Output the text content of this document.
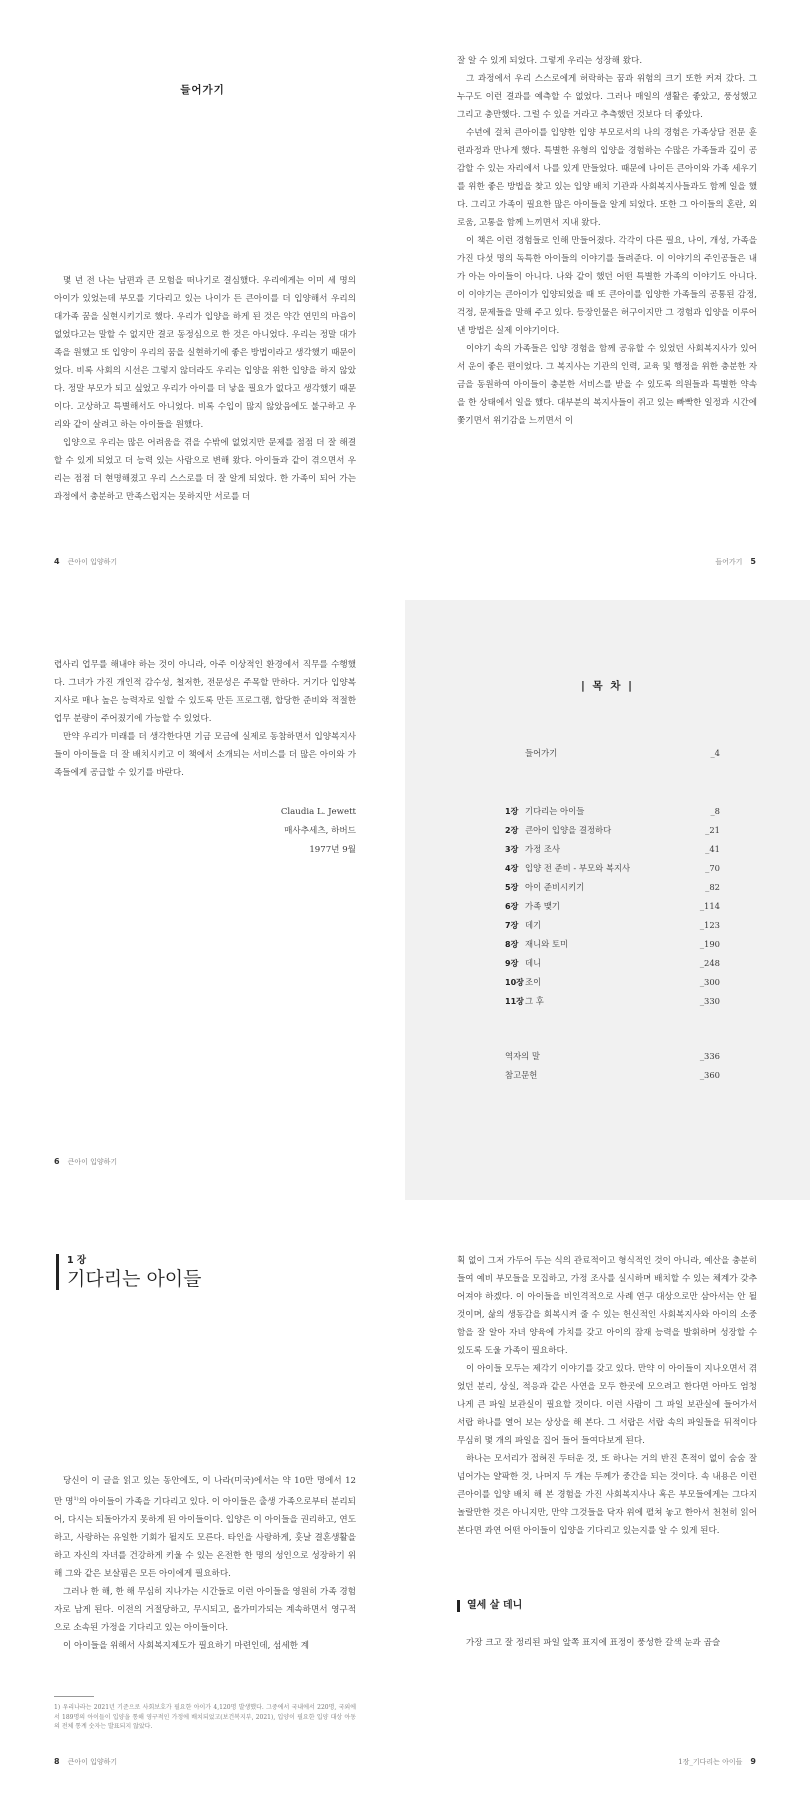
들어가기

몇 년 전 나는 남편과 큰 모험을 떠나기로 결심했다. 우리에게는 이미 세 명의 아이가 있었는데 부모를 기다리고 있는 나이가 든 큰아이를 더 입양해서 우리의 대가족 꿈을 실현시키기로 했다. 우리가 입양을 하게 된 것은 약간 연민의 마음이 없었다고는 말할 수 없지만 결코 동정심으로 한 것은 아니었다. 우리는 정말 대가족을 원했고 또 입양이 우리의 꿈을 실현하기에 좋은 방법이라고 생각했기 때문이었다. 비록 사회의 시선은 그렇지 않더라도 우리는 입양을 위한 입양을 하지 않았다. 정말 부모가 되고 싶었고 우리가 아이를 더 낳을 필요가 없다고 생각했기 때문이다. 고상하고 특별해서도 아니었다. 비록 수입이 많지 않았음에도 불구하고 우리와 같이 살려고 하는 아이들을 원했다.

입양으로 우리는 많은 어려움을 겪을 수밖에 없었지만 문제를 점점 더 잘 해결할 수 있게 되었고 더 능력 있는 사람으로 변해 왔다. 아이들과 같이 겪으면서 우리는 점점 더 현명해졌고 우리 스스로를 더 잘 알게 되었다. 한 가족이 되어 가는 과정에서 충분하고 만족스럽지는 못하지만 서로를 더

4 큰아이 입양하기

잘 알 수 있게 되었다. 그렇게 우리는 성장해 왔다.

그 과정에서 우리 스스로에게 허락하는 꿈과 위험의 크기 또한 커져 갔다. 그 누구도 이런 결과를 예측할 수 없었다. 그러나 매일의 생활은 좋았고, 풍성했고 그리고 충만했다. 그럴 수 있을 거라고 추측했던 것보다 더 좋았다.

수년에 걸쳐 큰아이를 입양한 입양 부모로서의 나의 경험은 가족상담 전문 훈련과정과 만나게 했다. 특별한 유형의 입양을 경험하는 수많은 가족들과 깊이 공감할 수 있는 자리에서 나를 있게 만들었다. 때문에 나이든 큰아이와 가족 세우기를 위한 좋은 방법을 찾고 있는 입양 배치 기관과 사회복지사들과도 함께 일을 했다. 그리고 가족이 필요한 많은 아이들을 알게 되었다. 또한 그 아이들의 혼란, 외로움, 고통을 함께 느끼면서 지내 왔다.

이 책은 이런 경험들로 인해 만들어졌다. 각각이 다른 필요, 나이, 개성, 가족을 가진 다섯 명의 독특한 아이들의 이야기를 들려준다. 이 이야기의 주인공들은 내가 아는 아이들이 아니다. 나와 같이 했던 어떤 특별한 가족의 이야기도 아니다. 이 이야기는 큰아이가 입양되었을 때 또 큰아이를 입양한 가족들의 공통된 감정, 걱정, 문제들을 말해 주고 있다. 등장인물은 허구이지만 그 경험과 입양을 이루어 낸 방법은 실제 이야기이다.

이야기 속의 가족들은 입양 경험을 함께 공유할 수 있었던 사회복지사가 있어서 운이 좋은 편이었다. 그 복지사는 기관의 인력, 교육 및 행정을 위한 충분한 자금을 동원하여 아이들이 충분한 서비스를 받을 수 있도록 의원들과 특별한 약속을 한 상태에서 일을 했다. 대부분의 복지사들이 쥐고 있는 빠빡한 일정과 시간에 쫓기면서 위기감을 느끼면서 이

들어가기 5

렵사리 업무를 해내야 하는 것이 아니라, 아주 이상적인 환경에서 직무를 수행했다. 그녀가 가진 개인적 감수성, 철저한, 전문성은 주목할 만하다. 거기다 입양복지사로 매나 높은 능력자로 일할 수 있도록 만든 프로그램, 합당한 준비와 적절한 업무 분량이 주어졌기에 가능할 수 있었다.

만약 우리가 미래를 더 생각한다면 기금 모금에 실제로 동참하면서 입양복지사들이 아이들을 더 잘 배치시키고 이 책에서 소개되는 서비스를 더 많은 아이와 가족들에게 공급할 수 있기를 바란다.

Claudia L. Jewett
매사추세츠, 하버드
1977년 9월
6 큰아이 입양하기
| 목 차 |
들어가기	_4
1장 기다리는 아이들	_8
2장 큰아이 입양을 결정하다	_21
3장 가정 조사	_41
4장 입양 전 준비 - 부모와 복지사	_70
5장 아이 준비시키기	_82
6장 가족 맺기	_114
7장 데기	_123
8장 재니와 토미	_190
9장 데니	_248
10장 조이	_300
11장 그 후	_330
역자의 말	_336
참고문헌	_360
1 장
기다리는 아이들

당신이 이 글을 읽고 있는 동안에도, 이 나라(미국)에서는 약 10만 명에서 12만 명$^{1)}$의 아이들이 가족을 기다리고 있다. 이 아이들은 출생 가족으로부터 분리되어, 다시는 되돌아가지 못하게 된 아이들이다. 입양은 이 아이들을 권리하고, 연도하고, 사랑하는 유일한 기회가 될지도 모른다. 타인을 사랑하게, 훗날 결혼생활을 하고 자신의 자녀를 건강하게 키울 수 있는 온전한 한 명의 성인으로 성장하기 위해 그와 같은 보살핌은 모든 아이에게 필요하다.

그러나 한 해, 한 해 무심히 지나가는 시간들로 이런 아이들을 영원히 가족 경험자로 남게 된다. 이전의 거절당하고, 무시되고, 올가미가되는 계속하면서 영구적으로 소속된 가정을 기다리고 있는 아이들이다.

이 아이들을 위해서 사회복지제도가 필요하기 마련인데, 섬세한 계

1) 우리나라는 2021년 기준으로 사회보호가 필요한 아이가 4,120명 발생했다. 그중에서 국내에서 220명, 국외에서 189명의 아이들이 입양을 통해 영구적인 가정에 배치되었고(보건복지부, 2021), 입양이 필요한 입양 대상 아동의 전체 통계 숫자는 발표되지 않았다.
8 큰아이 입양하기

획 없이 그저 가두어 두는 식의 관료적이고 형식적인 것이 아니라, 예산을 충분히 들여 예비 부모들을 모집하고, 가정 조사를 실시하며 배치할 수 있는 체계가 갖추어져야 하겠다. 이 아이들을 비인격적으로 사례 연구 대상으로만 삼아서는 안 될 것이며, 삶의 생동감을 회복시켜 줄 수 있는 헌신적인 사회복지사와 아이의 소중함을 잘 알아 자녀 양육에 가치를 갖고 아이의 잠재 능력을 발휘하며 성장할 수 있도록 도울 가족이 필요하다.

이 아이들 모두는 제각기 이야기를 갖고 있다. 만약 이 아이들이 지나오면서 겪었던 분리, 상실, 적응과 같은 사연을 모두 한곳에 모으려고 한다면 아마도 엄청나게 큰 파일 보관실이 필요할 것이다. 이런 사람이 그 파일 보관실에 들어가서 서랍 하나를 열어 보는 상상을 해 본다. 그 서랍은 서랍 속의 파일들을 뒤적이다 무심히 몇 개의 파일을 집어 들어 들여다보게 된다.

하나는 모서리가 접혀진 두터운 것, 또 하나는 거의 반진 흔적이 없이 숨숨 잘 넘어가는 얄팍한 것, 나머지 두 개는 두께가 중간을 되는 것이다. 속 내용은 이런 큰아이를 입양 배치 해 본 경험을 가진 사회복지사나 혹은 부모들에게는 그다지 놀랄만한 것은 아니지만, 만약 그것들을 닥자 위에 펼쳐 놓고 한아서 천천히 읽어 본다면 과연 어떤 아이들이 입양을 기다리고 있는지를 알 수 있게 된다.

열세 살 데니

가장 크고 잘 정리된 파일 앞쪽 표지에 표정이 풍성한 갈색 눈과 곱슬

1장_기다리는 아이들 9
